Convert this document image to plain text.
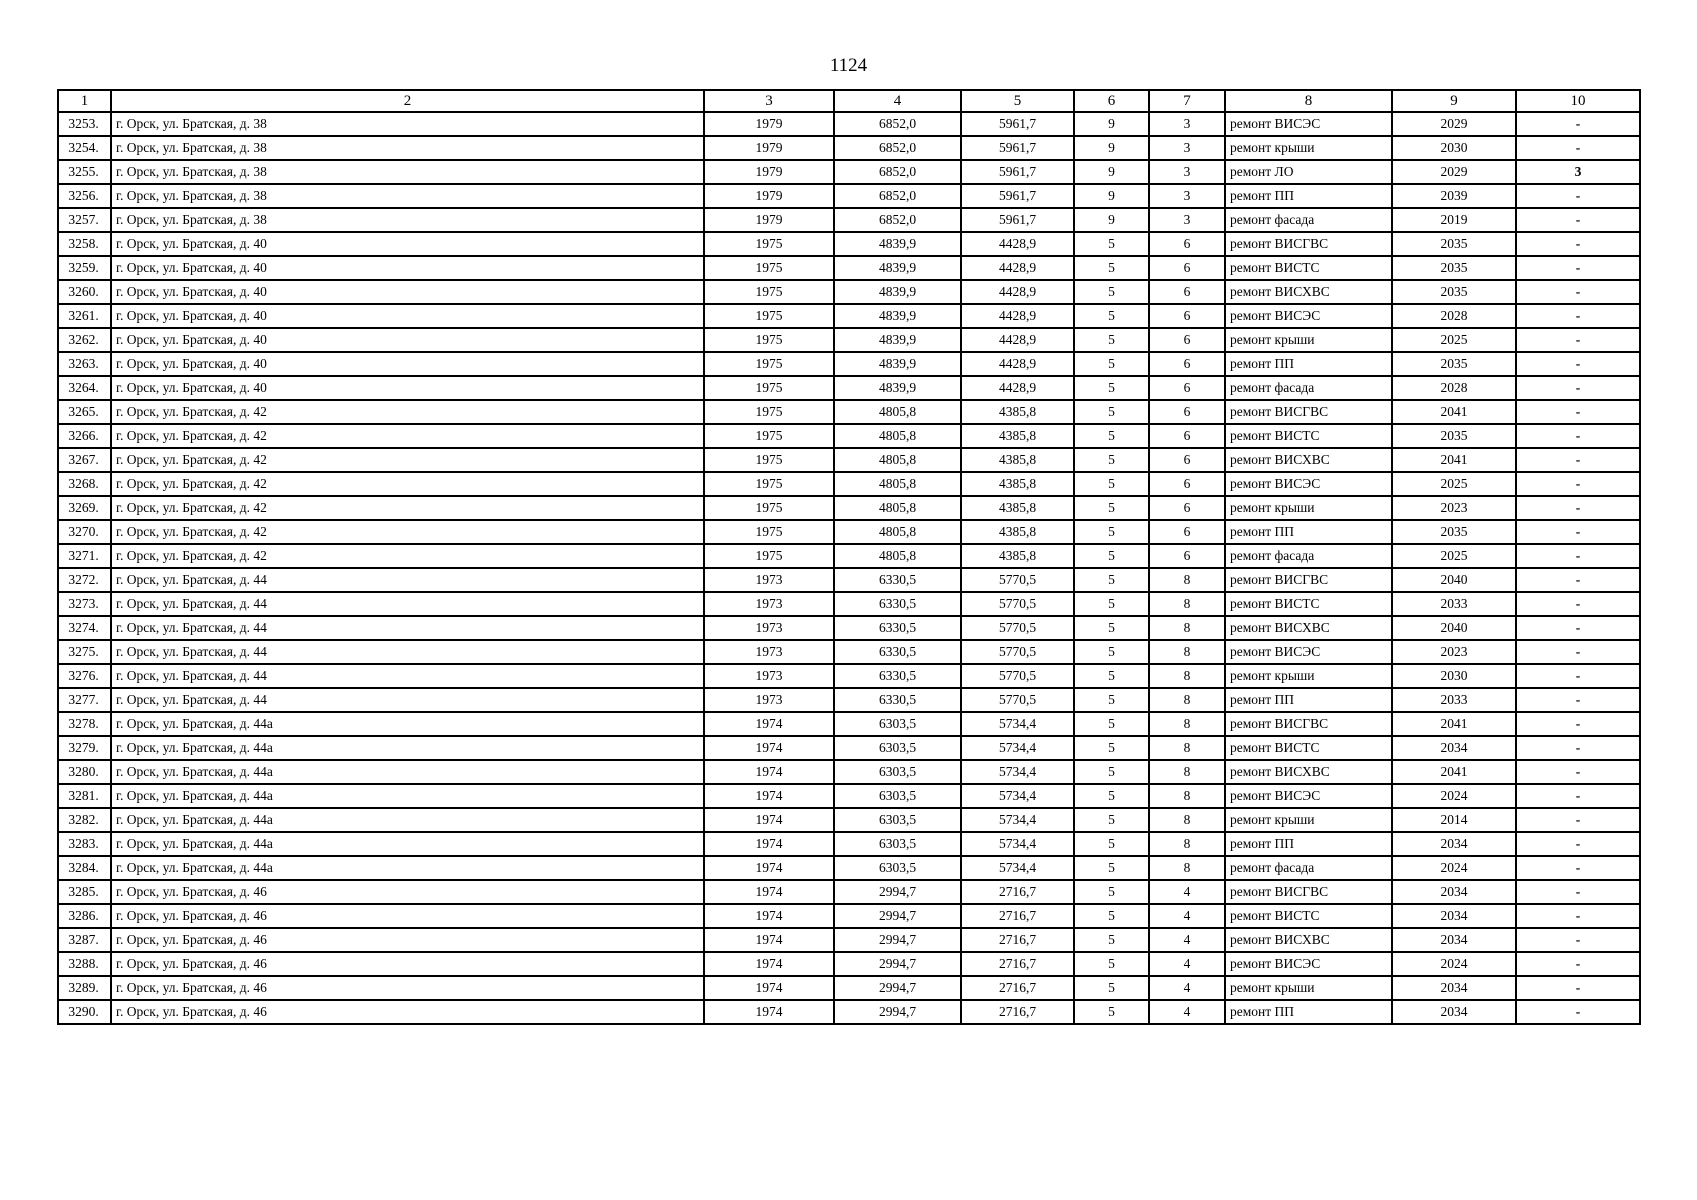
1124
1	2	3	4	5	6	7	8	9	10
3253.	г. Орск, ул. Братская, д. 38	1979	6852,0	5961,7	9	3	ремонт ВИСЭС	2029	-
3254.	г. Орск, ул. Братская, д. 38	1979	6852,0	5961,7	9	3	ремонт крыши	2030	-
3255.	г. Орск, ул. Братская, д. 38	1979	6852,0	5961,7	9	3	ремонт ЛО	2029	3
3256.	г. Орск, ул. Братская, д. 38	1979	6852,0	5961,7	9	3	ремонт ПП	2039	-
3257.	г. Орск, ул. Братская, д. 38	1979	6852,0	5961,7	9	3	ремонт фасада	2019	-
3258.	г. Орск, ул. Братская, д. 40	1975	4839,9	4428,9	5	6	ремонт ВИСГВС	2035	-
3259.	г. Орск, ул. Братская, д. 40	1975	4839,9	4428,9	5	6	ремонт ВИСТС	2035	-
3260.	г. Орск, ул. Братская, д. 40	1975	4839,9	4428,9	5	6	ремонт ВИСХВС	2035	-
3261.	г. Орск, ул. Братская, д. 40	1975	4839,9	4428,9	5	6	ремонт ВИСЭС	2028	-
3262.	г. Орск, ул. Братская, д. 40	1975	4839,9	4428,9	5	6	ремонт крыши	2025	-
3263.	г. Орск, ул. Братская, д. 40	1975	4839,9	4428,9	5	6	ремонт ПП	2035	-
3264.	г. Орск, ул. Братская, д. 40	1975	4839,9	4428,9	5	6	ремонт фасада	2028	-
3265.	г. Орск, ул. Братская, д. 42	1975	4805,8	4385,8	5	6	ремонт ВИСГВС	2041	-
3266.	г. Орск, ул. Братская, д. 42	1975	4805,8	4385,8	5	6	ремонт ВИСТС	2035	-
3267.	г. Орск, ул. Братская, д. 42	1975	4805,8	4385,8	5	6	ремонт ВИСХВС	2041	-
3268.	г. Орск, ул. Братская, д. 42	1975	4805,8	4385,8	5	6	ремонт ВИСЭС	2025	-
3269.	г. Орск, ул. Братская, д. 42	1975	4805,8	4385,8	5	6	ремонт крыши	2023	-
3270.	г. Орск, ул. Братская, д. 42	1975	4805,8	4385,8	5	6	ремонт ПП	2035	-
3271.	г. Орск, ул. Братская, д. 42	1975	4805,8	4385,8	5	6	ремонт фасада	2025	-
3272.	г. Орск, ул. Братская, д. 44	1973	6330,5	5770,5	5	8	ремонт ВИСГВС	2040	-
3273.	г. Орск, ул. Братская, д. 44	1973	6330,5	5770,5	5	8	ремонт ВИСТС	2033	-
3274.	г. Орск, ул. Братская, д. 44	1973	6330,5	5770,5	5	8	ремонт ВИСХВС	2040	-
3275.	г. Орск, ул. Братская, д. 44	1973	6330,5	5770,5	5	8	ремонт ВИСЭС	2023	-
3276.	г. Орск, ул. Братская, д. 44	1973	6330,5	5770,5	5	8	ремонт крыши	2030	-
3277.	г. Орск, ул. Братская, д. 44	1973	6330,5	5770,5	5	8	ремонт ПП	2033	-
3278.	г. Орск, ул. Братская, д. 44а	1974	6303,5	5734,4	5	8	ремонт ВИСГВС	2041	-
3279.	г. Орск, ул. Братская, д. 44а	1974	6303,5	5734,4	5	8	ремонт ВИСТС	2034	-
3280.	г. Орск, ул. Братская, д. 44а	1974	6303,5	5734,4	5	8	ремонт ВИСХВС	2041	-
3281.	г. Орск, ул. Братская, д. 44а	1974	6303,5	5734,4	5	8	ремонт ВИСЭС	2024	-
3282.	г. Орск, ул. Братская, д. 44а	1974	6303,5	5734,4	5	8	ремонт крыши	2014	-
3283.	г. Орск, ул. Братская, д. 44а	1974	6303,5	5734,4	5	8	ремонт ПП	2034	-
3284.	г. Орск, ул. Братская, д. 44а	1974	6303,5	5734,4	5	8	ремонт фасада	2024	-
3285.	г. Орск, ул. Братская, д. 46	1974	2994,7	2716,7	5	4	ремонт ВИСГВС	2034	-
3286.	г. Орск, ул. Братская, д. 46	1974	2994,7	2716,7	5	4	ремонт ВИСТС	2034	-
3287.	г. Орск, ул. Братская, д. 46	1974	2994,7	2716,7	5	4	ремонт ВИСХВС	2034	-
3288.	г. Орск, ул. Братская, д. 46	1974	2994,7	2716,7	5	4	ремонт ВИСЭС	2024	-
3289.	г. Орск, ул. Братская, д. 46	1974	2994,7	2716,7	5	4	ремонт крыши	2034	-
3290.	г. Орск, ул. Братская, д. 46	1974	2994,7	2716,7	5	4	ремонт ПП	2034	-
